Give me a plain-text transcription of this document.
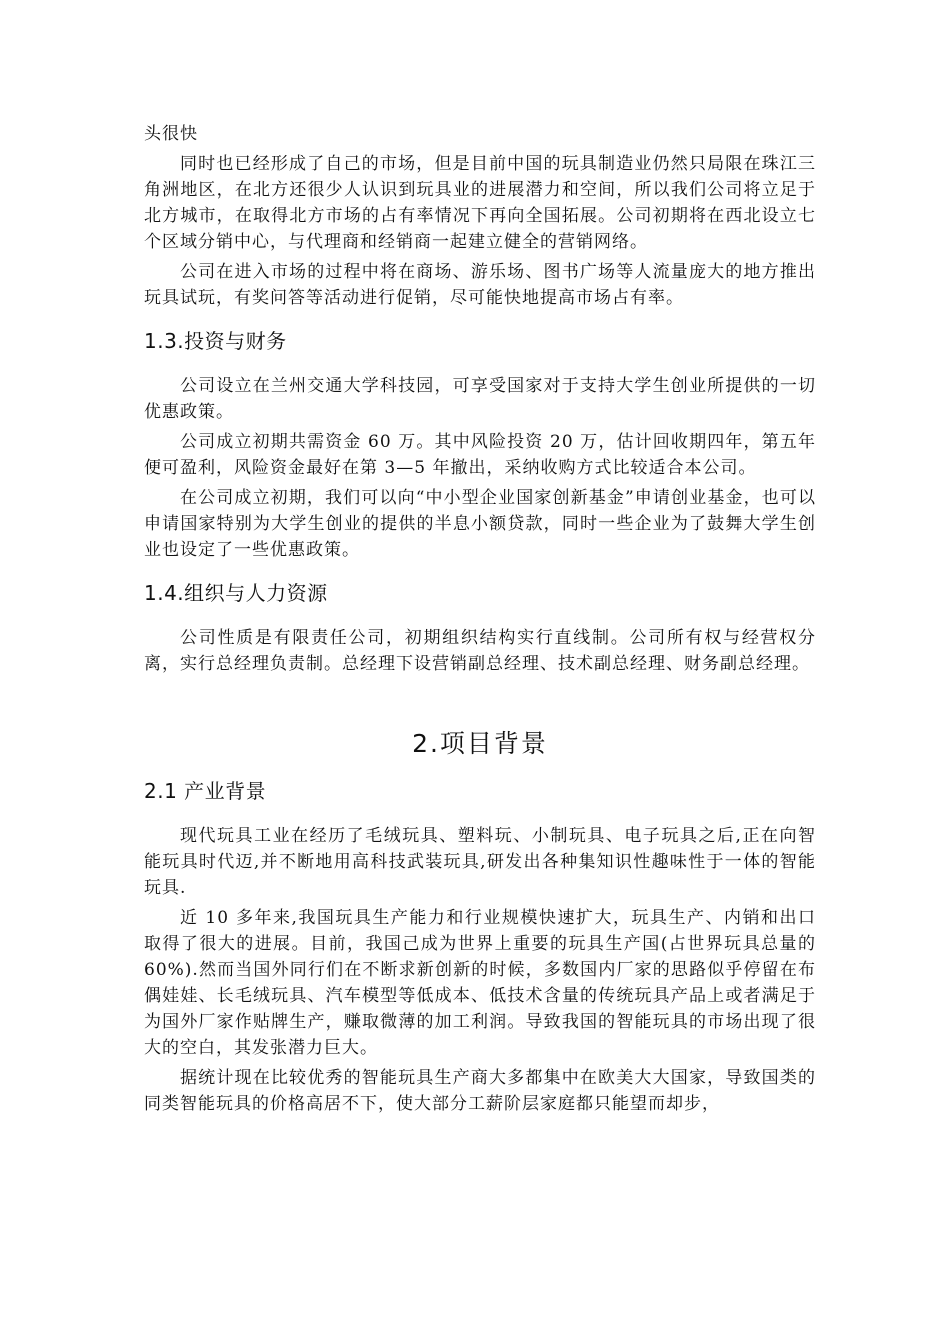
头很快

同时也已经形成了自己的市场，但是目前中国的玩具制造业仍然只局限在珠江三角洲地区，在北方还很少人认识到玩具业的进展潜力和空间，所以我们公司将立足于北方城市，在取得北方市场的占有率情况下再向全国拓展。公司初期将在西北设立七个区域分销中心，与代理商和经销商一起建立健全的营销网络。

公司在进入市场的过程中将在商场、游乐场、图书广场等人流量庞大的地方推出玩具试玩，有奖问答等活动进行促销，尽可能快地提高市场占有率。

1.3.投资与财务

公司设立在兰州交通大学科技园，可享受国家对于支持大学生创业所提供的一切优惠政策。

公司成立初期共需资金 60 万。其中风险投资 20 万，估计回收期四年，第五年便可盈利，风险资金最好在第 3—5 年撤出，采纳收购方式比较适合本公司。

在公司成立初期，我们可以向“中小型企业国家创新基金”申请创业基金，也可以申请国家特别为大学生创业的提供的半息小额贷款，同时一些企业为了鼓舞大学生创业也设定了一些优惠政策。

1.4.组织与人力资源

公司性质是有限责任公司，初期组织结构实行直线制。公司所有权与经营权分离，实行总经理负责制。总经理下设营销副总经理、技术副总经理、财务副总经理。

2.项目背景
2.1 产业背景

现代玩具工业在经历了毛绒玩具、塑料玩、小制玩具、电子玩具之后,正在向智能玩具时代迈,并不断地用高科技武装玩具,研发出各种集知识性趣味性于一体的智能玩具.

近 10 多年来,我国玩具生产能力和行业规模快速扩大，玩具生产、内销和出口取得了很大的进展。目前，我国己成为世界上重要的玩具生产国(占世界玩具总量的 60%).然而当国外同行们在不断求新创新的时候，多数国内厂家的思路似乎停留在布偶娃娃、长毛绒玩具、汽车模型等低成本、低技术含量的传统玩具产品上或者满足于为国外厂家作贴牌生产，赚取微薄的加工利润。导致我国的智能玩具的市场出现了很大的空白，其发张潜力巨大。

据统计现在比较优秀的智能玩具生产商大多都集中在欧美大大国家，导致国类的同类智能玩具的价格高居不下，使大部分工薪阶层家庭都只能望而却步，
